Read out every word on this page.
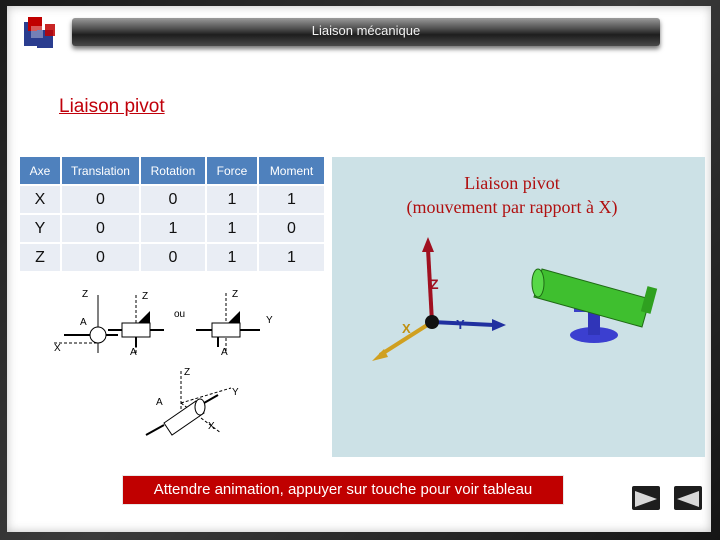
Liaison mécanique
Liaison pivot
Axe	Translation	Rotation	Force	Moment
X	0	0	1	1
Y	0	1	1	0
Z	0	0	1	1
Z
A
X
Z
A
ou
Z
Y
A
Z
Y
A
X
Liaison pivot
(mouvement par rapport à X)
Z
Y
X
Attendre animation, appuyer sur touche pour voir tableau
